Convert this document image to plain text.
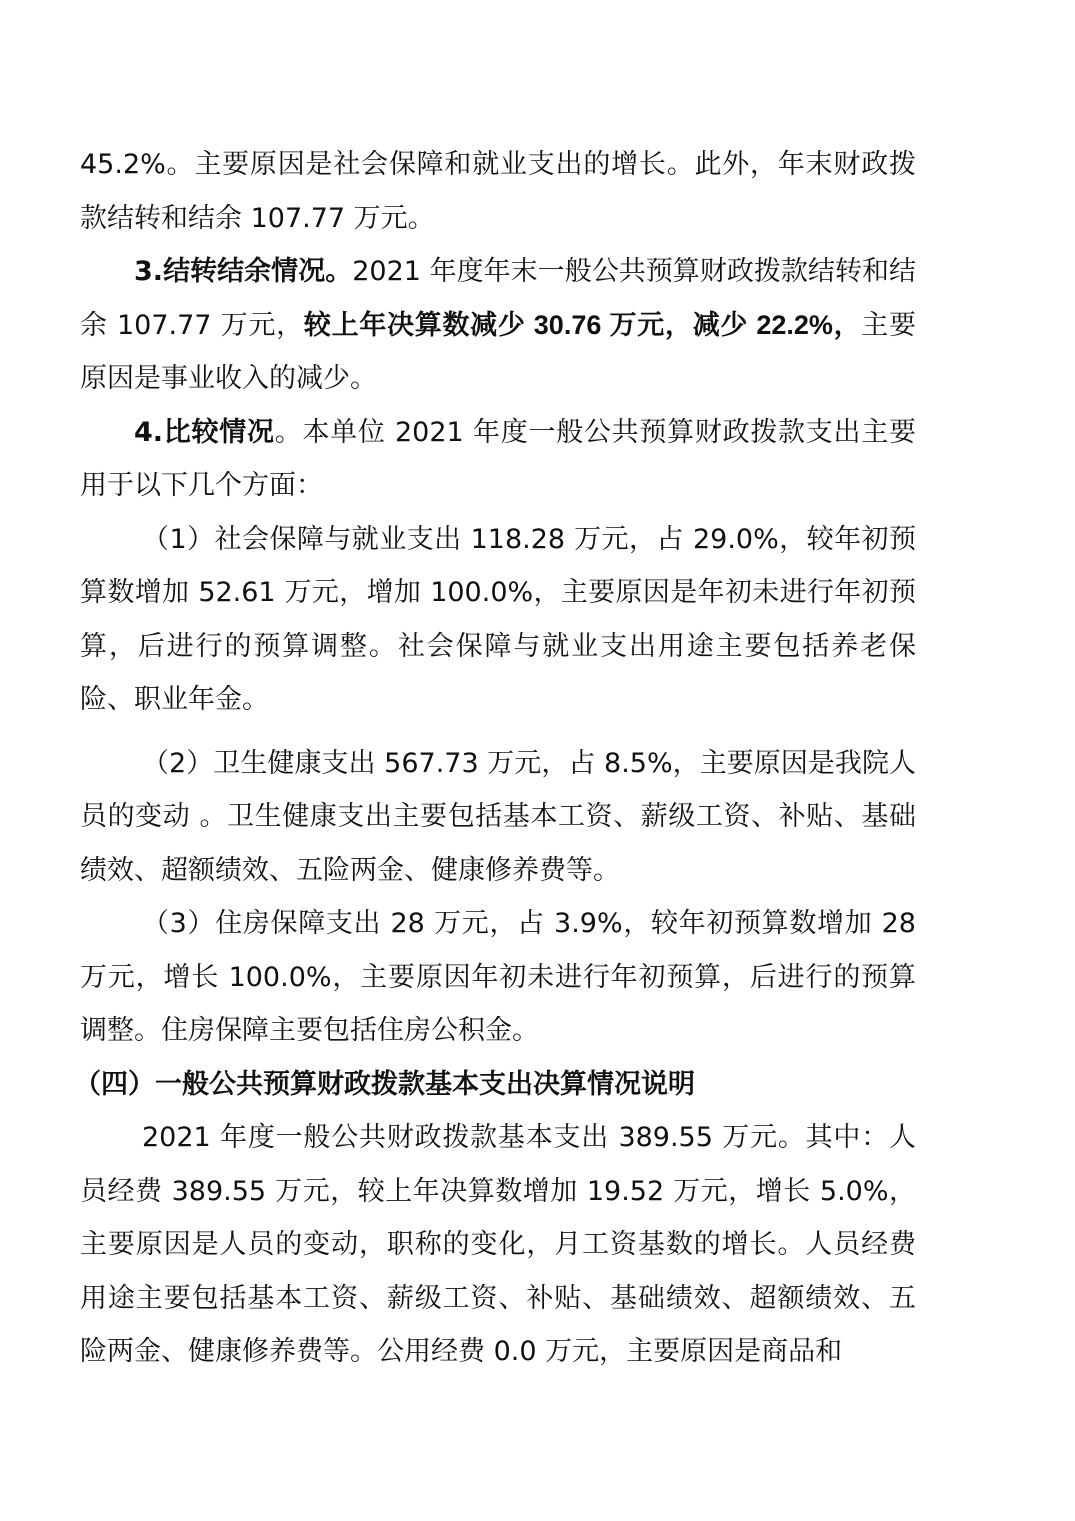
45.2%。主要原因是社会保障和就业支出的增长。此外，年末财政拨款结转和结余 107.77 万元。

3.结转结余情况。2021 年度年末一般公共预算财政拨款结转和结余 107.77 万元，较上年决算数减少 30.76 万元，减少 22.2%，主要原因是事业收入的减少。

4.比较情况。本单位 2021 年度一般公共预算财政拨款支出主要用于以下几个方面：

（1）社会保障与就业支出 118.28 万元，占 29.0%，较年初预算数增加 52.61 万元，增加 100.0%，主要原因是年初未进行年初预算，后进行的预算调整。社会保障与就业支出用途主要包括养老保险、职业年金。

（2）卫生健康支出 567.73 万元，占 8.5%，主要原因是我院人员的变动 。卫生健康支出主要包括基本工资、薪级工资、补贴、基础绩效、超额绩效、五险两金、健康修养费等。

（3）住房保障支出 28 万元，占 3.9%，较年初预算数增加 28 万元，增长 100.0%，主要原因年初未进行年初预算，后进行的预算调整。住房保障主要包括住房公积金。

（四）一般公共预算财政拨款基本支出决算情况说明

2021 年度一般公共财政拨款基本支出 389.55 万元。其中：人员经费 389.55 万元，较上年决算数增加 19.52 万元，增长 5.0%，主要原因是人员的变动，职称的变化，月工资基数的增长。人员经费用途主要包括基本工资、薪级工资、补贴、基础绩效、超额绩效、五险两金、健康修养费等。公用经费 0.0 万元，主要原因是商品和
